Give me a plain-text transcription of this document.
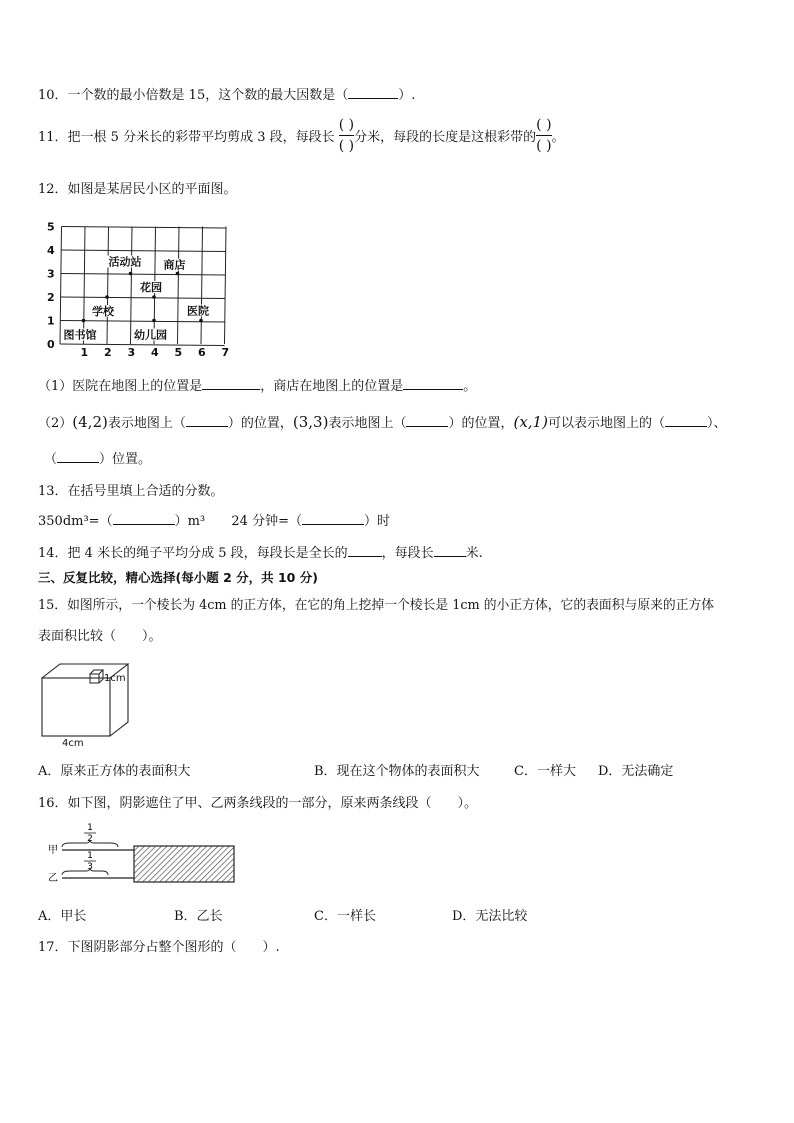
10．一个数的最小倍数是 15，这个数的最大因数是（	）.
11．把一根 5 分米长的彩带平均剪成 3 段，每段长 $\frac{( )}{( )}$ 分米，每段的长度是这根彩带的 $\frac{( )}{( )}$ 。
12．如图是某居民小区的平面图。
5
4
3
2
1
0
1 2 3 4 5 6 7
活动站 商店
花园
学校	医院
图书馆	幼儿园
（1）医院在地图上的位置是	，商店在地图上的位置是	。
（2）(4,2)表示地图上（	）的位置，(3,3)表示地图上（	）的位置，(x,1)可以表示地图上的（	）、
（	）位置。
13．在括号里填上合适的分数。
350dm³=（	）m³ 24 分钟=（	）时
14．把 4 米长的绳子平均分成 5 段，每段长是全长的	，每段长 米.
三、反复比较，精心选择(每小题 2 分，共 10 分)
15．如图所示，一个棱长为 4cm 的正方体，在它的角上挖掉一个棱长是 1cm 的小正方体，它的表面积与原来的正方体
表面积比较（　　）。
1cm
4cm
A．原来正方体的表面积大	B．现在这个物体的表面积大	C．一样大 D．无法确定
16．如下图，阴影遮住了甲、乙两条线段的一部分，原来两条线段（　　）。
1
2
甲	1
3
乙
A．甲长	B．乙长	C．一样长	D．无法比较
17．下图阴影部分占整个图形的（　　）.
